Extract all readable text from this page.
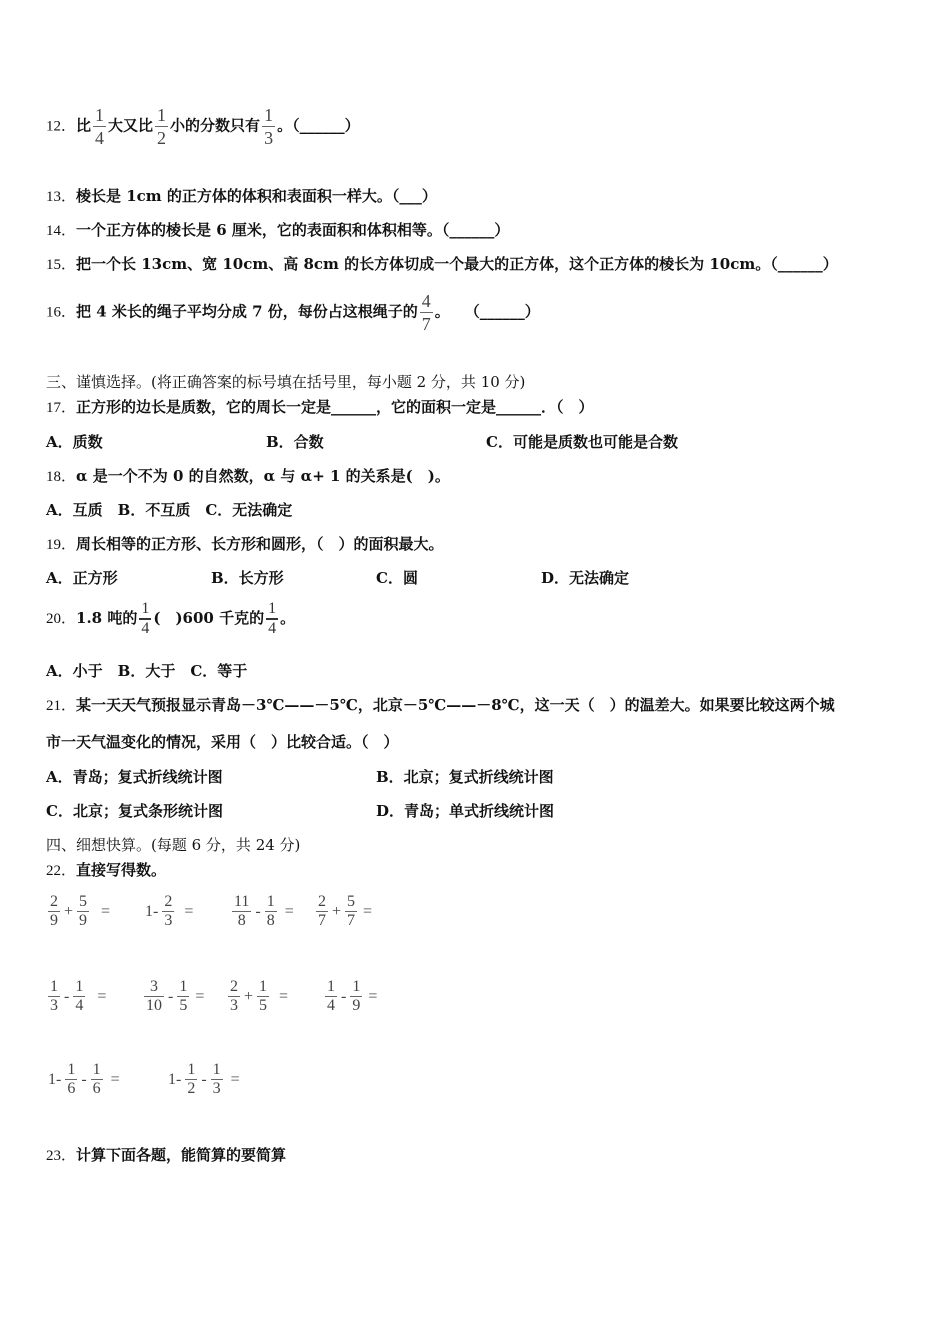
12．比 $\frac{1}{4}$ 大又比 $\frac{1}{2}$ 小的分数只有 $\frac{1}{3}$ 。（______）
13．棱长是 1cm 的正方体的体积和表面积一样大。（___）
14．一个正方体的棱长是 6 厘米，它的表面积和体积相等。（______）
15．把一个长 13cm、宽 10cm、高 8cm 的长方体切成一个最大的正方体，这个正方体的棱长为 10cm。（______）
16．把 4 米长的绳子平均分成 7 份，每份占这根绳子的 $\frac{4}{7}$ 。　　（______）
三、谨慎选择。(将正确答案的标号填在括号里，每小题 2 分，共 10 分)
17．正方形的边长是质数，它的周长一定是______，它的面积一定是______．（　）
A．质数	B．合数	C．可能是质数也可能是合数
18．α 是一个不为 0 的自然数，α 与 α+ 1 的关系是(　)。
A．互质　B．不互质　C．无法确定
19．周长相等的正方形、长方形和圆形，（　）的面积最大。
A．正方形	B．长方形	C．圆	D．无法确定
20．1.8 吨的 $\frac{1}{4}$ (　)600 千克的 $\frac{1}{4}$ 。
A．小于　B．大于　C．等于
21．某一天天气预报显示青岛－3℃——－5℃，北京－5℃——－8℃，这一天（　）的温差大。如果要比较这两个城
市一天气温变化的情况，采用（　）比较合适。（　）
A．青岛；复式折线统计图	B．北京；复式折线统计图
C．北京；复式条形统计图	D．青岛；单式折线统计图
四、细想快算。(每题 6 分，共 24 分)
22．直接写得数。
$\frac{2}{9} + \frac{5}{9} = 1- \frac{2}{3} = \frac{11}{8} - \frac{1}{8} = \frac{2}{7} + \frac{5}{7}$ =
$\frac{1}{3} - \frac{1}{4} = \frac{3}{10} - \frac{1}{5} = \frac{2}{3} + \frac{1}{5} = \frac{1}{4} - \frac{1}{9}$ =
$1- \frac{1}{6} - \frac{1}{6}$ =	$1- \frac{1}{2} - \frac{1}{3}$ =
23．计算下面各题，能简算的要简算
